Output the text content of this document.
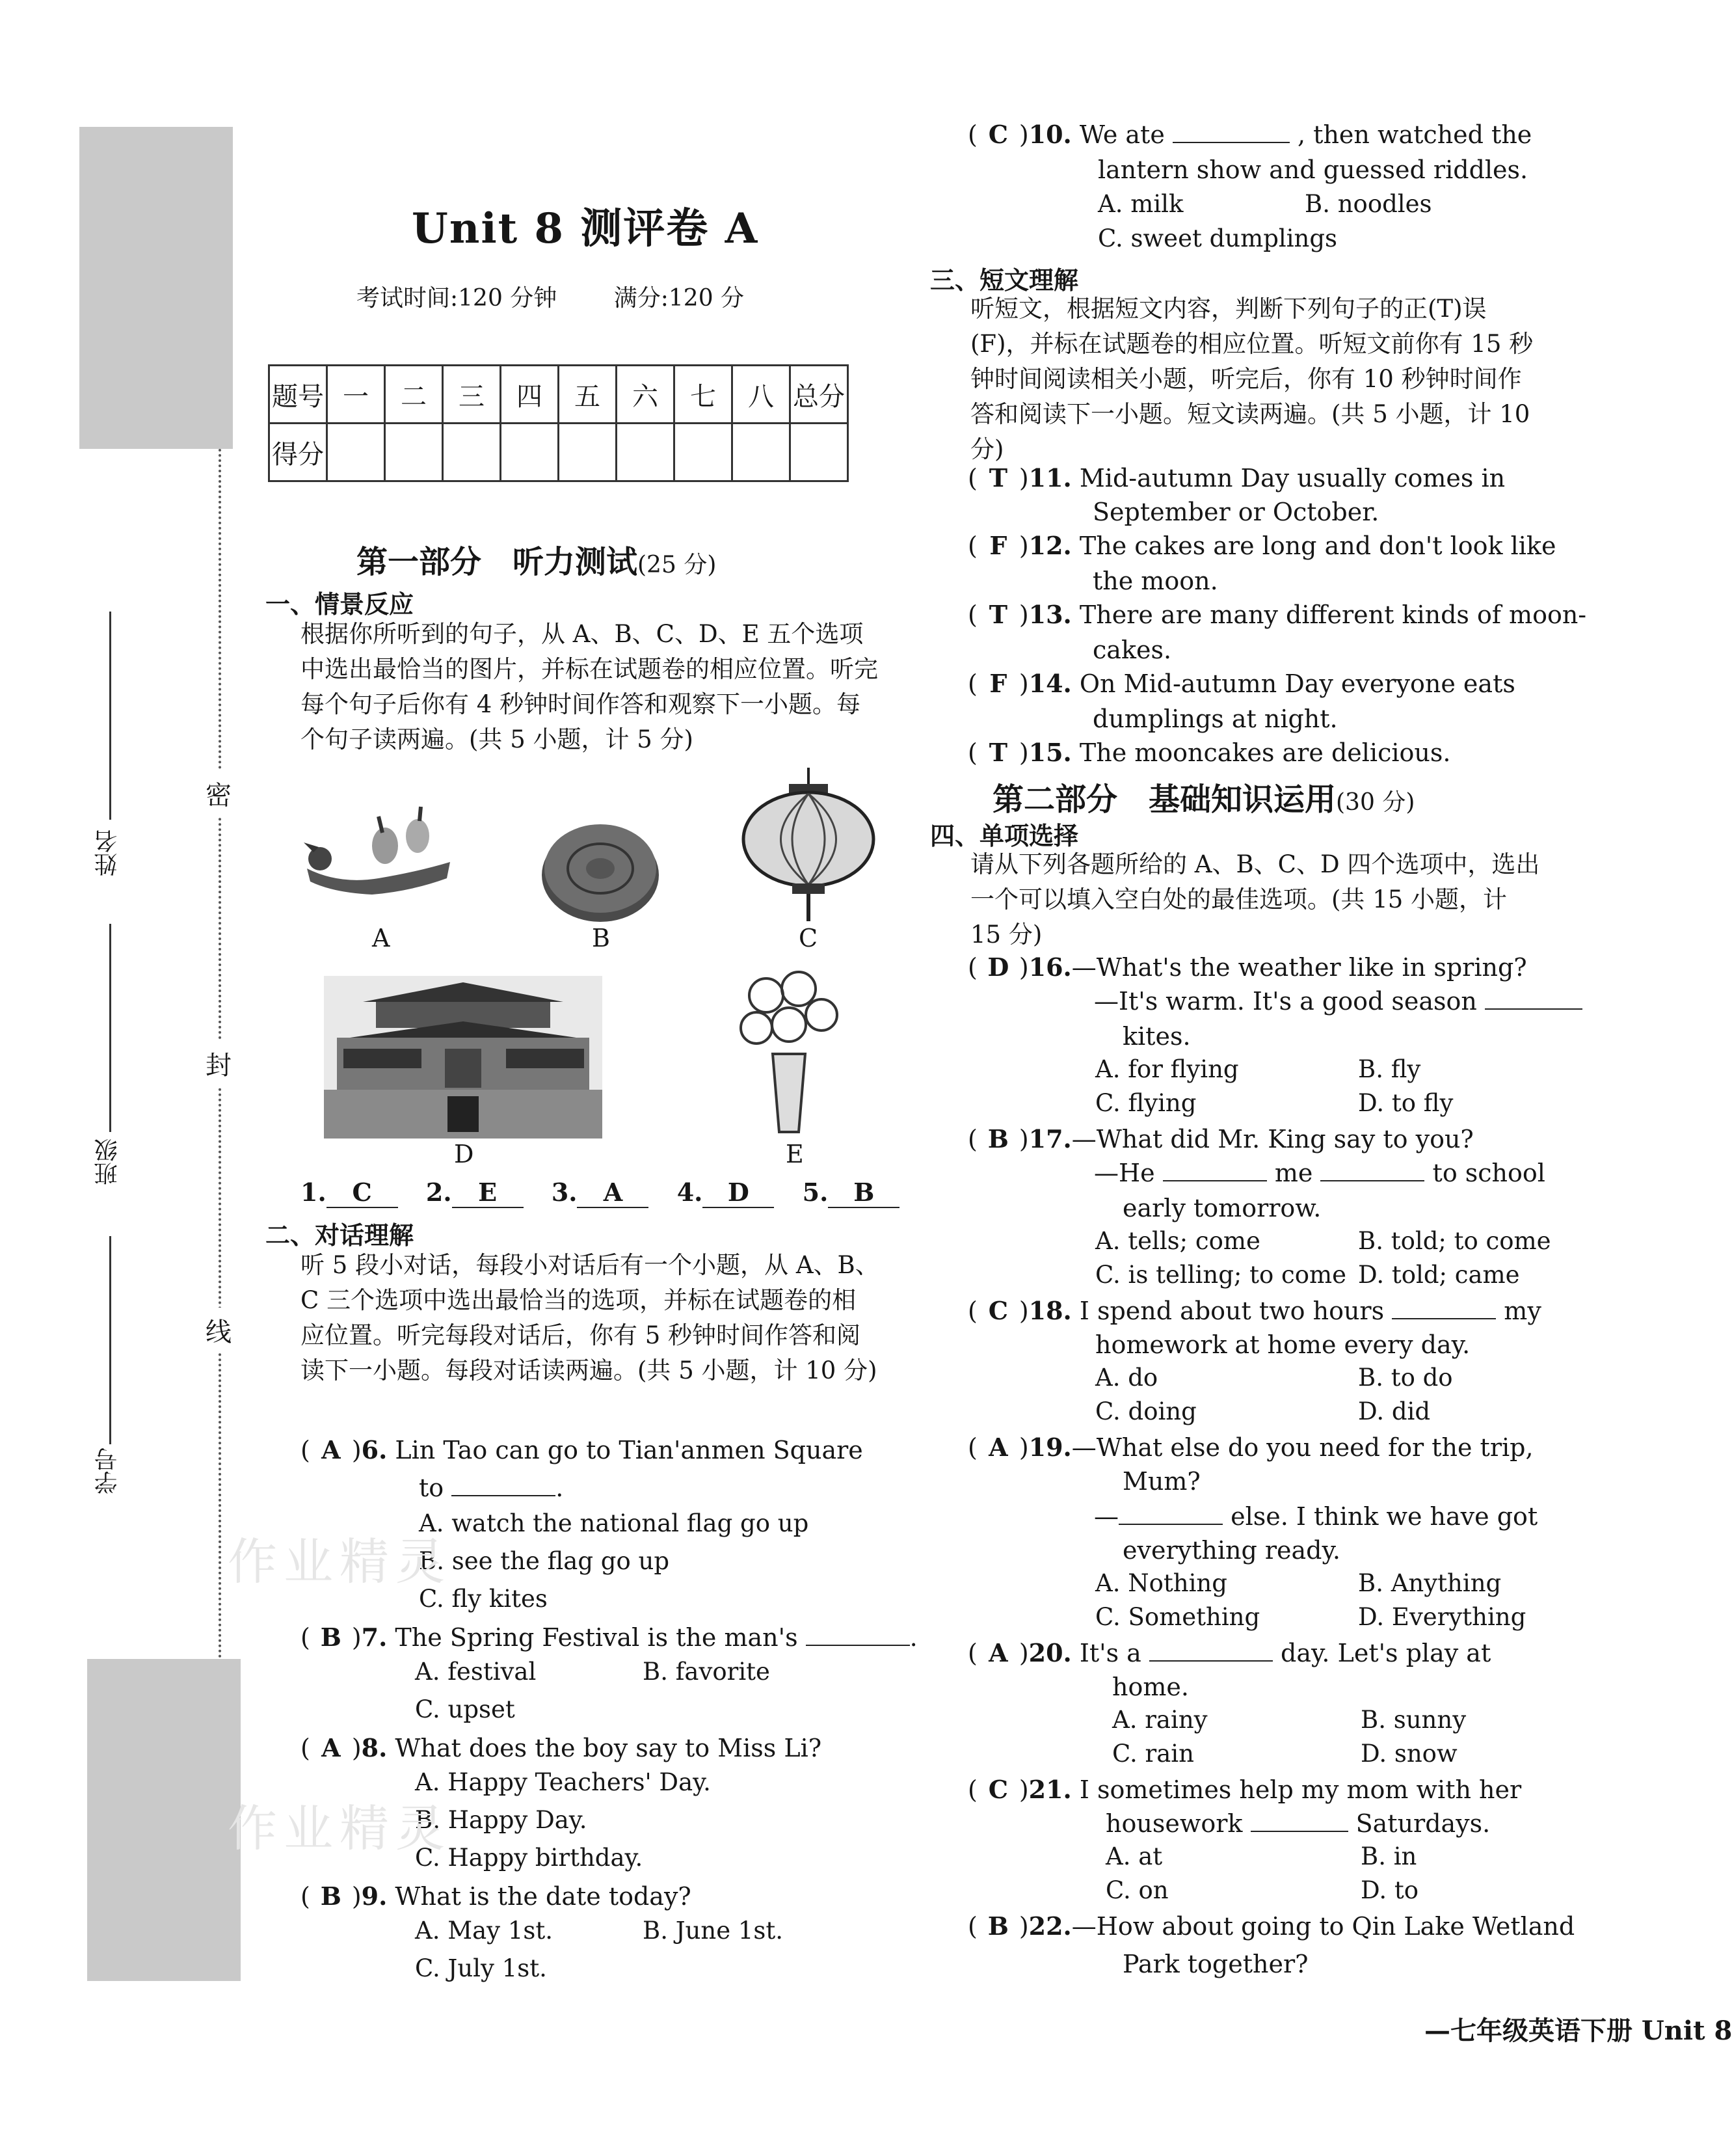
密
封
线
姓名
班级
学号
Unit 8 测评卷 A
考试时间:120 分钟 满分:120 分
题号	一	二	三	四	五	六	七	八	总分
得分									
第一部分　听力测试(25 分)
一、情景反应
根据你所听到的句子，从 A、B、C、D、E 五个选项中选出最恰当的图片，并标在试题卷的相应位置。听完每个句子后你有 4 秒钟时间作答和观察下一小题。每个句子读两遍。(共 5 小题，计 5 分)
A	B	C
D	E
1. C 2. E 3. A 4. D 5. B
二、对话理解
听 5 段小对话，每段小对话后有一个小题，从 A、B、C 三个选项中选出最恰当的选项，并标在试题卷的相应位置。听完每段对话后，你有 5 秒钟时间作答和阅读下一小题。每段对话读两遍。(共 5 小题，计 10 分)
( A )6. Lin Tao can go to Tian'anmen Square
to	.
A. watch the national flag go up
B. see the flag go up
C. fly kites
( B )7. The Spring Festival is the man's	.
A. festival	B. favorite
C. upset
( A )8. What does the boy say to Miss Li?
A. Happy Teachers' Day.
B. Happy Day.
C. Happy birthday.
( B )9. What is the date today?
A. May 1st.	B. June 1st.
C. July 1st.
作业精灵
作业精灵
( C )10. We ate	, then watched the
lantern show and guessed riddles.
A. milk	B. noodles
C. sweet dumplings
三、短文理解
听短文，根据短文内容，判断下列句子的正(T)误(F)，并标在试题卷的相应位置。听短文前你有 15 秒钟时间阅读相关小题，听完后，你有 10 秒钟时间作答和阅读下一小题。短文读两遍。(共 5 小题，计 10 分)
( T )11. Mid-autumn Day usually comes in
September or October.
( F )12. The cakes are long and don't look like
the moon.
( T )13. There are many different kinds of moon-
cakes.
( F )14. On Mid-autumn Day everyone eats
dumplings at night.
( T )15. The mooncakes are delicious.
第二部分　基础知识运用(30 分)
四、单项选择
请从下列各题所给的 A、B、C、D 四个选项中，选出一个可以填入空白处的最佳选项。(共 15 小题，计 15 分)
( D )16.—What's the weather like in spring?
—It's warm. It's a good season
kites.
A. for flying	B. fly
C. flying	D. to fly
( B )17.—What did Mr. King say to you?
—He	me	to school
early tomorrow.
A. tells; come	B. told; to come
C. is telling; to come D. told; came
( C )18. I spend about two hours	my
homework at home every day.
A. do	B. to do
C. doing	D. did
( A )19.—What else do you need for the trip,
Mum?
—	else. I think we have got
everything ready.
A. Nothing	B. Anything
C. Something	D. Everything
( A )20. It's a	day. Let's play at
home.
A. rainy	B. sunny
C. rain	D. snow
( C )21. I sometimes help my mom with her
housework	Saturdays.
A. at	B. in
C. on	D. to
( B )22.—How about going to Qin Lake Wetland
Park together?
—七年级英语下册 Unit 8
